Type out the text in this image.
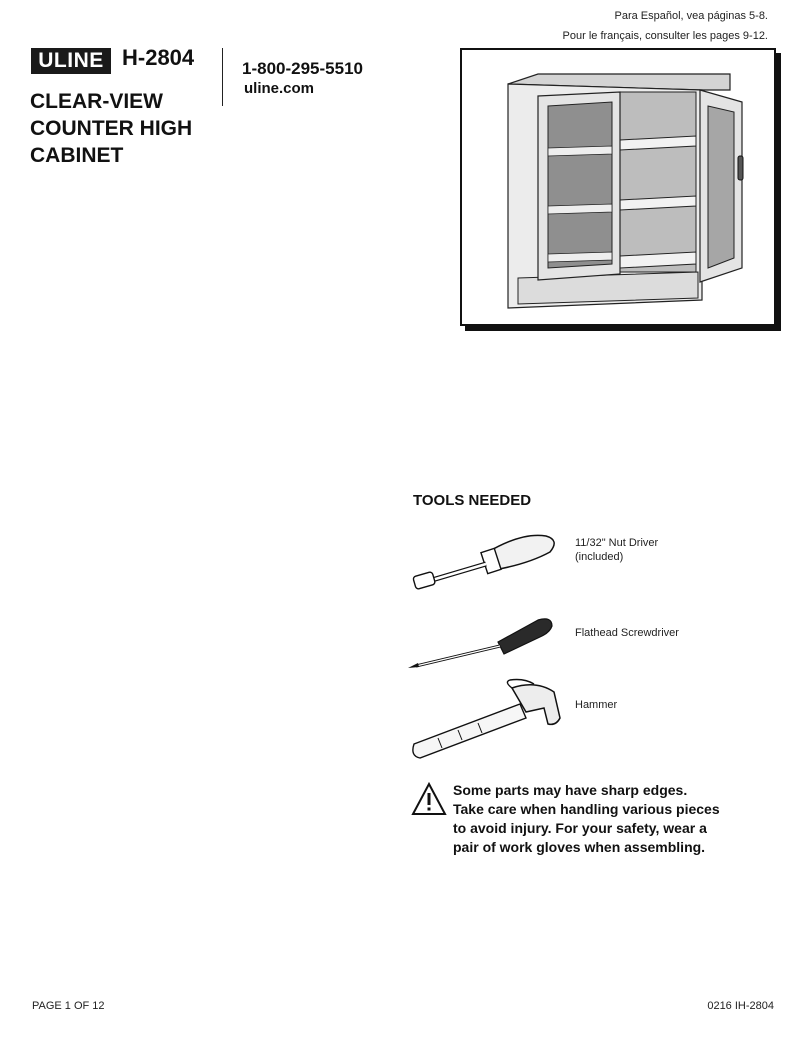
Para Español, vea páginas 5-8.
Pour le français, consulter les pages 9-12.
ULINE H-2804	1-800-295-5510
uline.com
CLEAR-VIEW
COUNTER HIGH
CABINET
TOOLS NEEDED
11/32" Nut Driver
(included)
Flathead Screwdriver
Hammer
Some parts may have sharp edges.
Take care when handling various pieces
to avoid injury. For your safety, wear a
pair of work gloves when assembling.
PAGE 1 OF 12	0216 IH-2804
